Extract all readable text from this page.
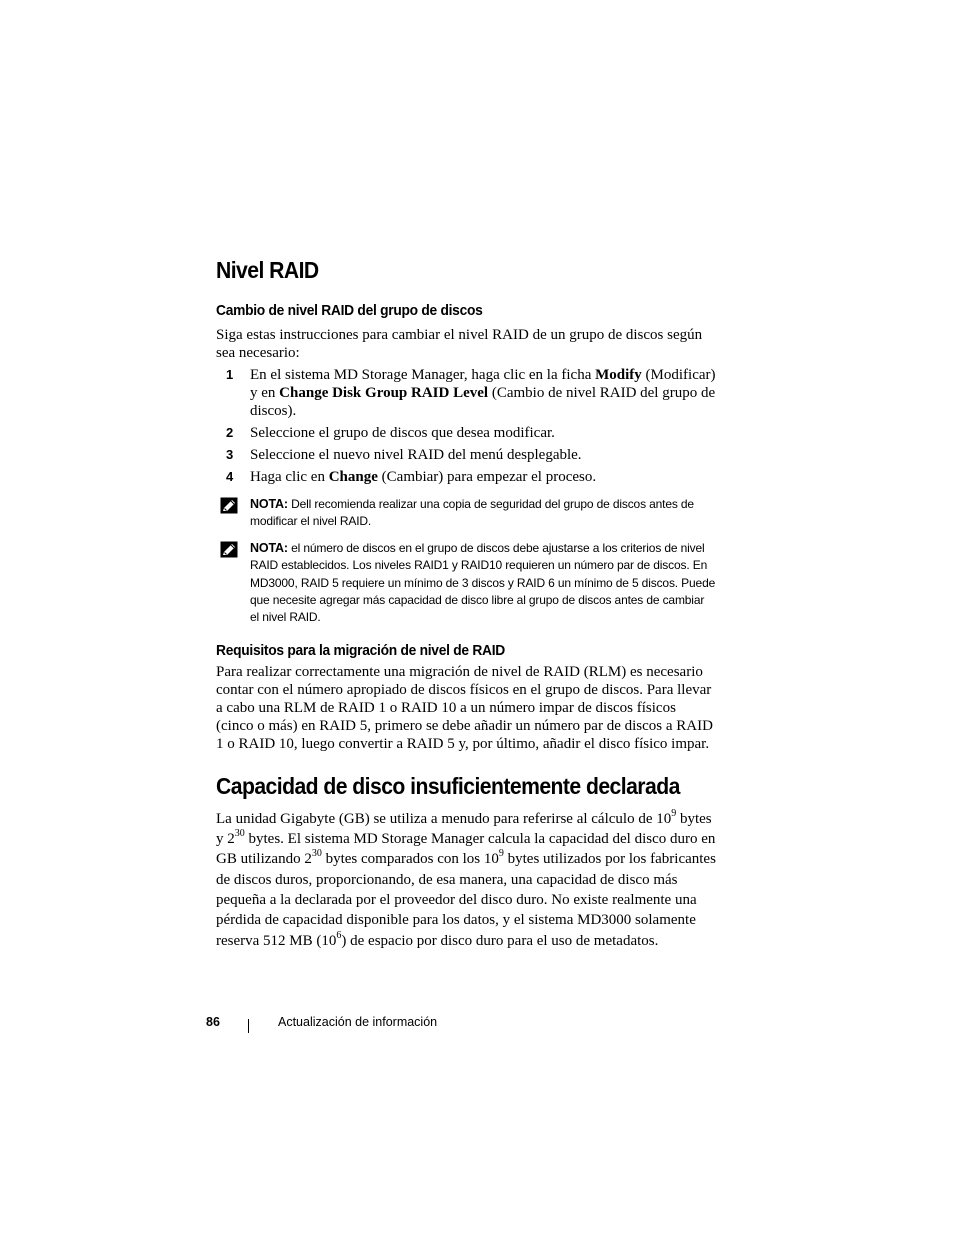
Nivel RAID
Cambio de nivel RAID del grupo de discos

Siga estas instrucciones para cambiar el nivel RAID de un grupo de discos según sea necesario:

1 En el sistema MD Storage Manager, haga clic en la ficha Modify (Modificar) y en Change Disk Group RAID Level (Cambio de nivel RAID del grupo de discos).

2 Seleccione el grupo de discos que desea modificar.

3 Seleccione el nuevo nivel RAID del menú desplegable.

4 Haga clic en Change (Cambiar) para empezar el proceso.

NOTA: Dell recomienda realizar una copia de seguridad del grupo de discos antes de modificar el nivel RAID.
NOTA: el número de discos en el grupo de discos debe ajustarse a los criterios de nivel RAID establecidos. Los niveles RAID1 y RAID10 requieren un número par de discos. En MD3000, RAID 5 requiere un mínimo de 3 discos y RAID 6 un mínimo de 5 discos. Puede que necesite agregar más capacidad de disco libre al grupo de discos antes de cambiar el nivel RAID.
Requisitos para la migración de nivel de RAID

Para realizar correctamente una migración de nivel de RAID (RLM) es necesario contar con el número apropiado de discos físicos en el grupo de discos. Para llevar a cabo una RLM de RAID 1 o RAID 10 a un número impar de discos físicos (cinco o más) en RAID 5, primero se debe añadir un número par de discos a RAID 1 o RAID 10, luego convertir a RAID 5 y, por último, añadir el disco físico impar.

Capacidad de disco insuficientemente declarada

La unidad Gigabyte (GB) se utiliza a menudo para referirse al cálculo de $10^9$ bytes y $2^{30}$ bytes. El sistema MD Storage Manager calcula la capacidad del disco duro en GB utilizando $2^{30}$ bytes comparados con los $10^9$ bytes utilizados por los fabricantes de discos duros, proporcionando, de esa manera, una capacidad de disco más pequeña a la declarada por el proveedor del disco duro. No existe realmente una pérdida de capacidad disponible para los datos, y el sistema MD3000 solamente reserva 512 MB $(10^6)$ de espacio por disco duro para el uso de metadatos.

86	Actualización de información
